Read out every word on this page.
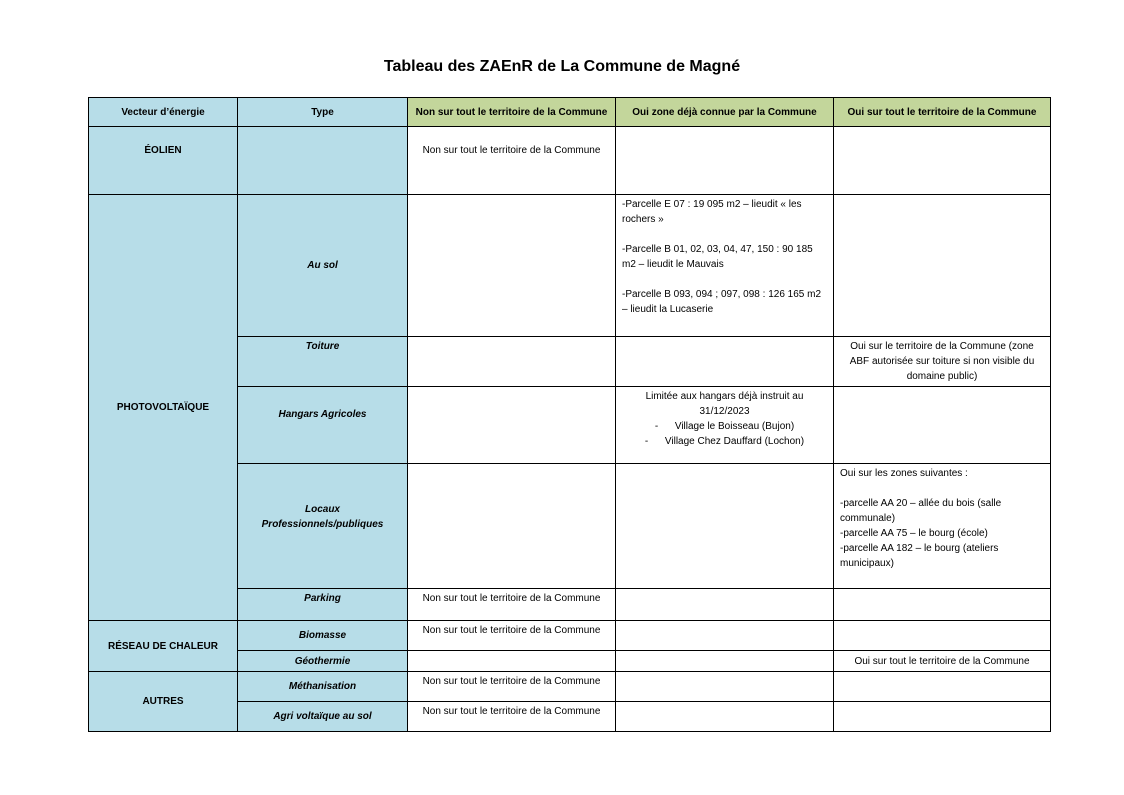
Tableau des ZAEnR de La Commune de Magné
Vecteur d’énergie	Type	Non sur tout le territoire de la Commune	Oui zone déjà connue par la Commune	Oui sur tout le territoire de la Commune
ÉOLIEN		Non sur tout le territoire de la Commune		
PHOTOVOLTAÏQUE	Au sol		-Parcelle E 07 : 19 095 m2 – lieudit « les rochers »

-Parcelle B 01, 02, 03, 04, 47, 150 : 90 185 m2 – lieudit le Mauvais

-Parcelle B 093, 094 ; 097, 098 : 126 165 m2 – lieudit la Lucaserie	

	Toiture			Oui sur le territoire de la Commune (zone ABF autorisée sur toiture si non visible du domaine public)
	Hangars Agricoles		Limitée aux hangars déjà instruit au 31/12/2023

-      Village le Boisseau (Bujon)
-      Village Chez Dauffard (Lochon)	

	Locaux Professionnels/publiques			Oui sur les zones suivantes :

-parcelle AA 20 – allée du bois (salle communale)

-parcelle AA 75 – le bourg (école)

-parcelle AA 182 – le bourg (ateliers municipaux)

	Parking	Non sur tout le territoire de la Commune		
RÉSEAU DE CHALEUR	Biomasse	Non sur tout le territoire de la Commune		
	Géothermie			Oui sur tout le territoire de la Commune
AUTRES	Méthanisation	Non sur tout le territoire de la Commune		
	Agri voltaïque au sol	Non sur tout le territoire de la Commune		
